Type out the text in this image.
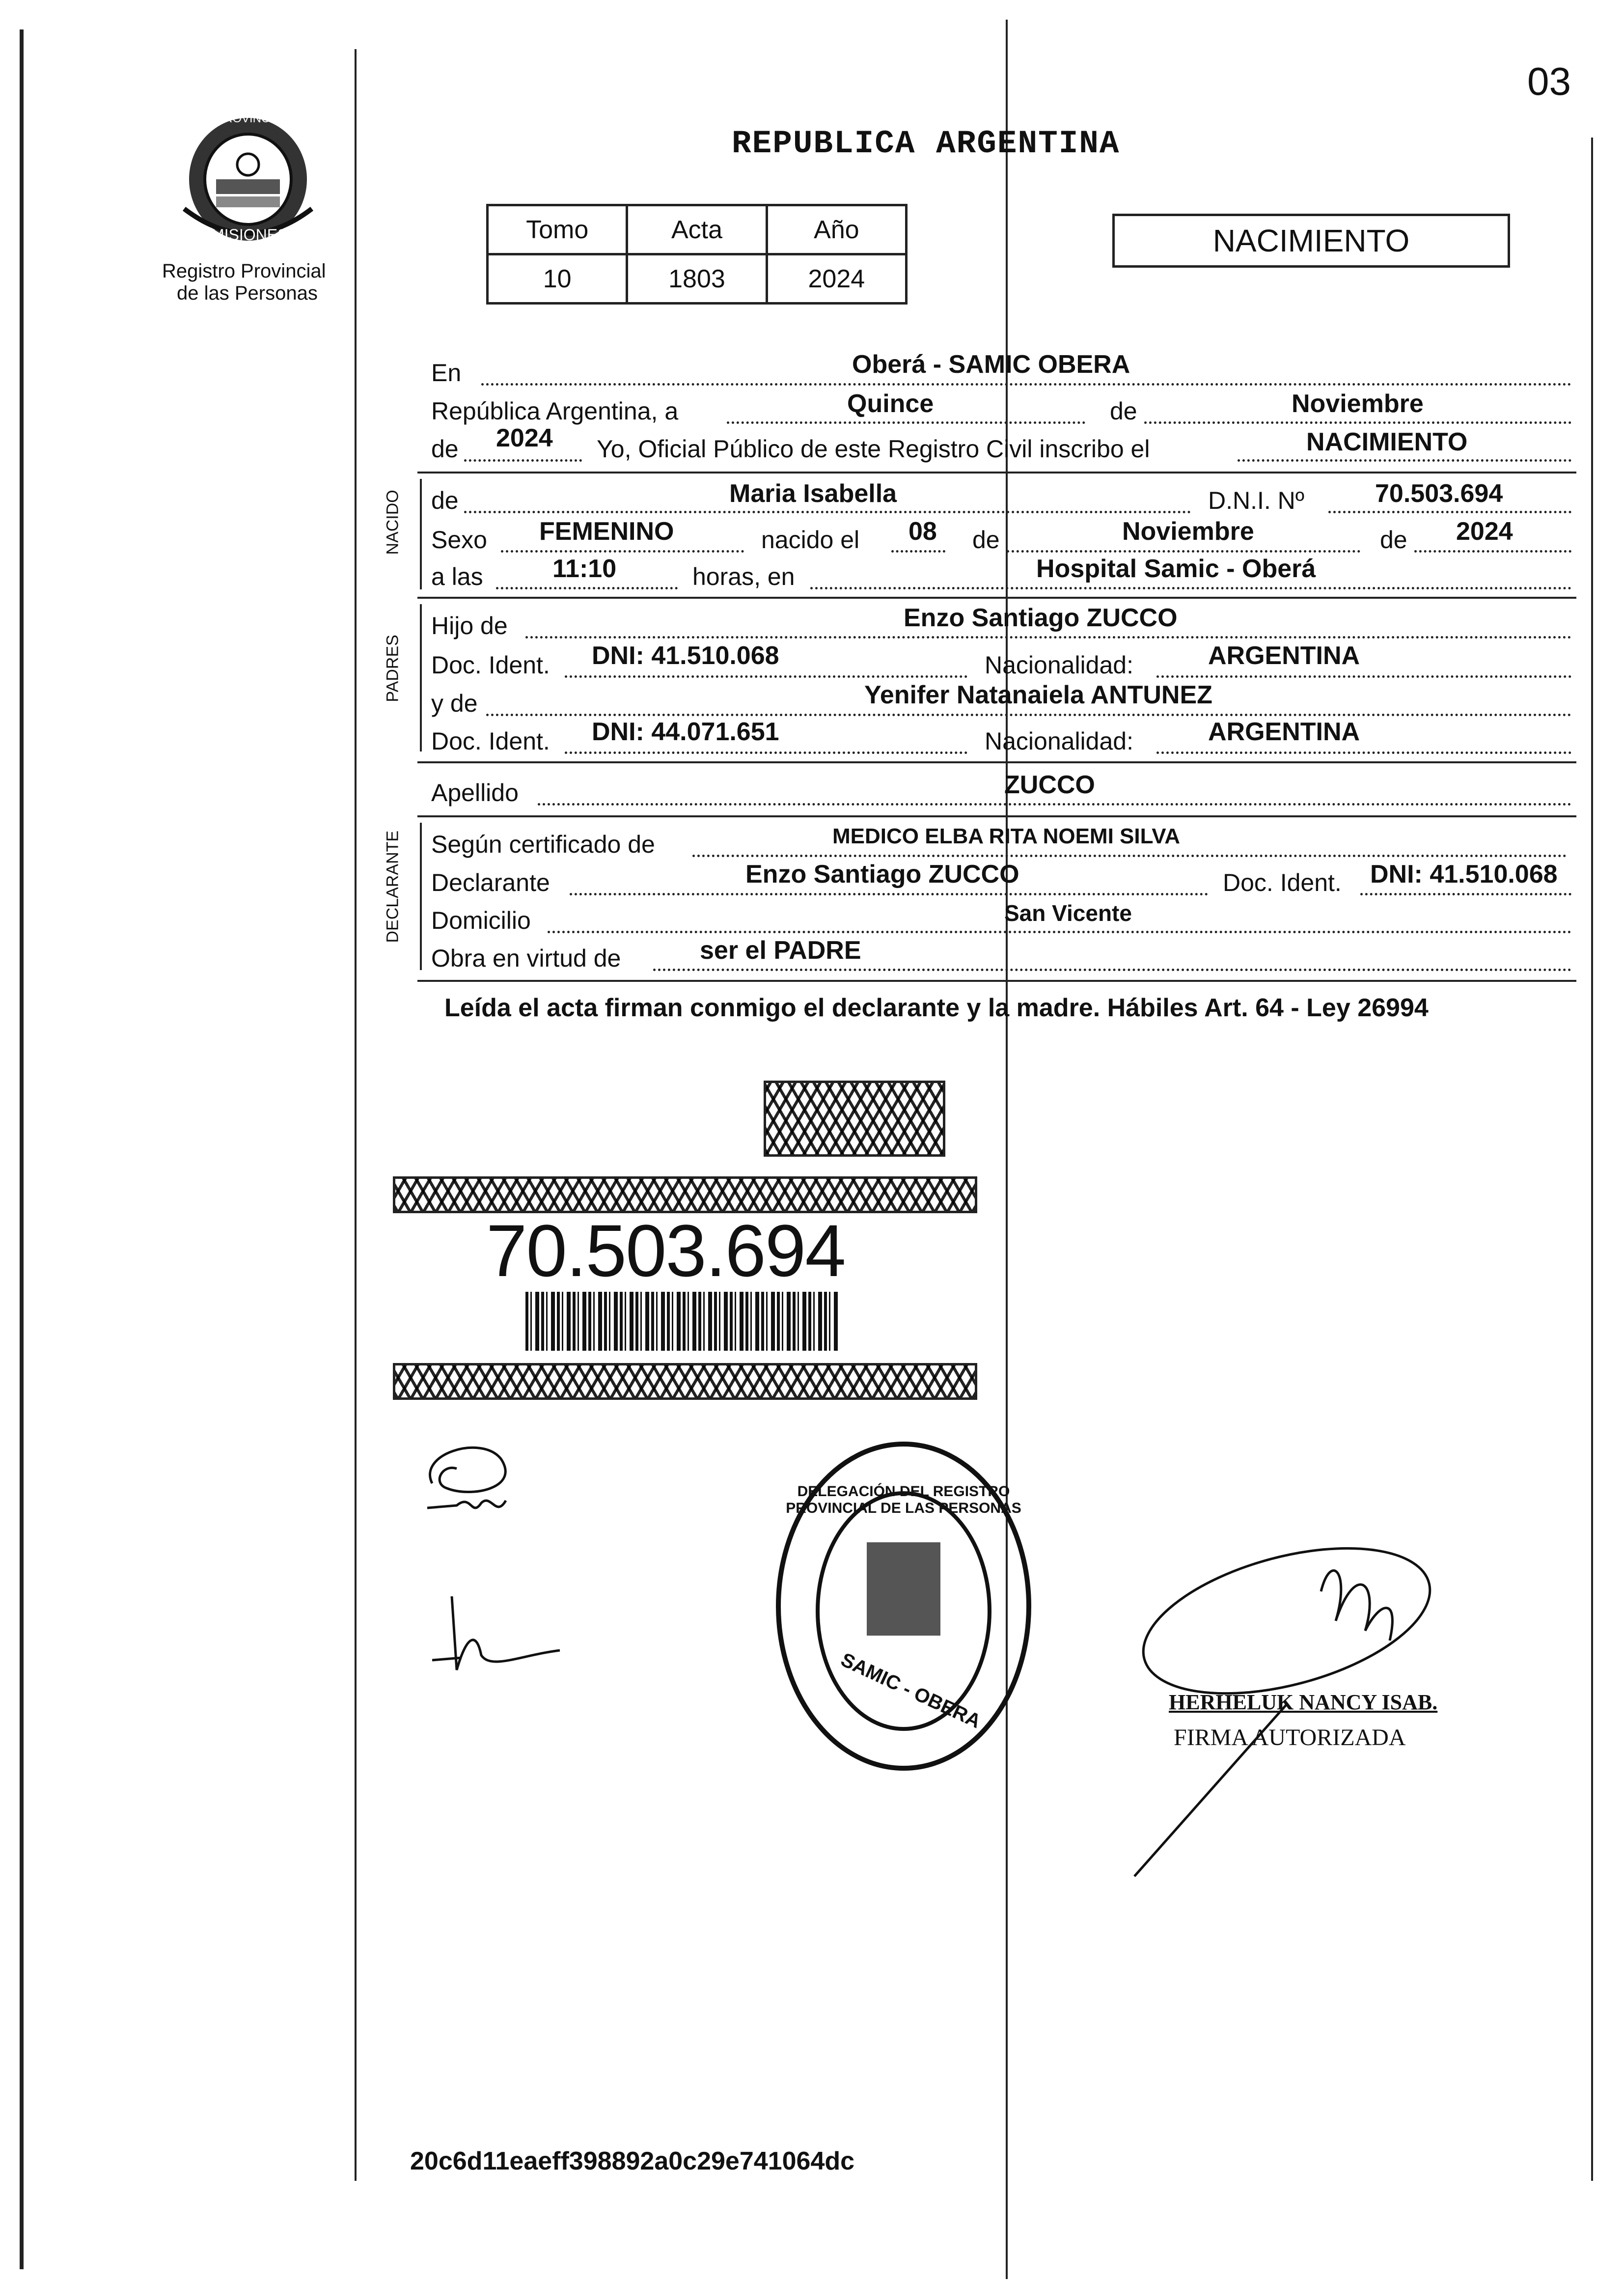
03
PROVINCIA DE
MISIONES
Registro Provincial
de las Personas
REPUBLICA ARGENTINA
Tomo	Acta	Año
10	1803	2024
NACIMIENTO
En	Oberá - SAMIC OBERA
República Argentina, a	Quince	de	Noviembre
de 2024 Yo, Oficial Público de este Registro Civil inscribo el	NACIMIENTO
NACIDO de	Maria Isabella	D.N.I. Nº	70.503.694
Sexo FEMENINO	nacido el 08 de	Noviembre	de 2024
a las	11:10	horas, en	Hospital Samic - Oberá
PADRES
Hijo de	Enzo Santiago ZUCCO
Doc. Ident. DNI: 41.510.068	Nacionalidad:	ARGENTINA
y de	Yenifer Natanaiela ANTUNEZ
Doc. Ident. DNI: 44.071.651	Nacionalidad:	ARGENTINA
Apellido	ZUCCO
DECLARANTE Según certificado de	MEDICO ELBA RITA NOEMI SILVA
Declarante	Enzo Santiago ZUCCO	Doc. Ident. DNI: 41.510.068
Domicilio	San Vicente
Obra en virtud de	ser el PADRE
Leída el acta firman conmigo el declarante y la madre. Hábiles Art. 64 - Ley 26994
70.503.694
DELEGACIÓN DEL REGISTRO PROVINCIAL DE LAS PERSONAS
SAMIC - OBERA	HERHELUK NANCY ISAB.
FIRMA AUTORIZADA
20c6d11eaeff398892a0c29e741064dc
